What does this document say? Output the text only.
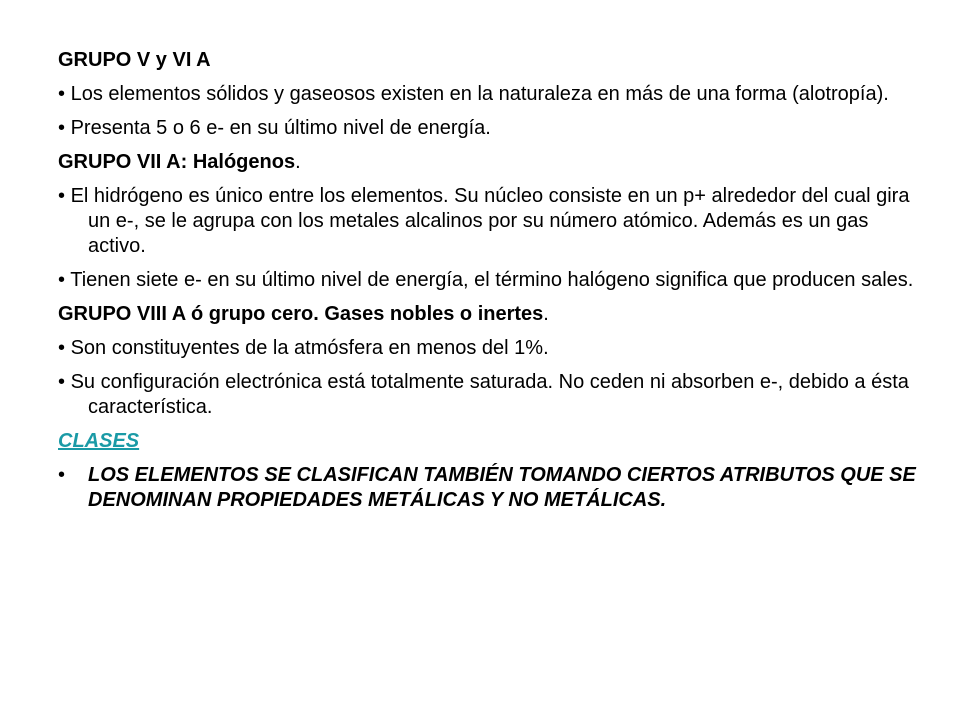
GRUPO V y VI A

• Los elementos sólidos y gaseosos existen en la naturaleza en más de una forma (alotropía).

• Presenta 5 o 6 e- en su último nivel de energía.

GRUPO VII A: Halógenos.

• El hidrógeno es único entre los elementos. Su núcleo consiste en un p+ alrededor del cual gira un e-, se le agrupa con los metales alcalinos por su número atómico. Además es un gas activo.

• Tienen siete e- en su último nivel de energía, el término halógeno significa que producen sales.

GRUPO VIII A ó grupo cero. Gases nobles o inertes.

• Son constituyentes de la atmósfera en menos del 1%.

• Su configuración electrónica está totalmente saturada. No ceden ni absorben e-, debido a ésta característica.

CLASES

•	LOS ELEMENTOS SE CLASIFICAN TAMBIÉN TOMANDO CIERTOS ATRIBUTOS QUE SE DENOMINAN PROPIEDADES METÁLICAS Y NO METÁLICAS.
